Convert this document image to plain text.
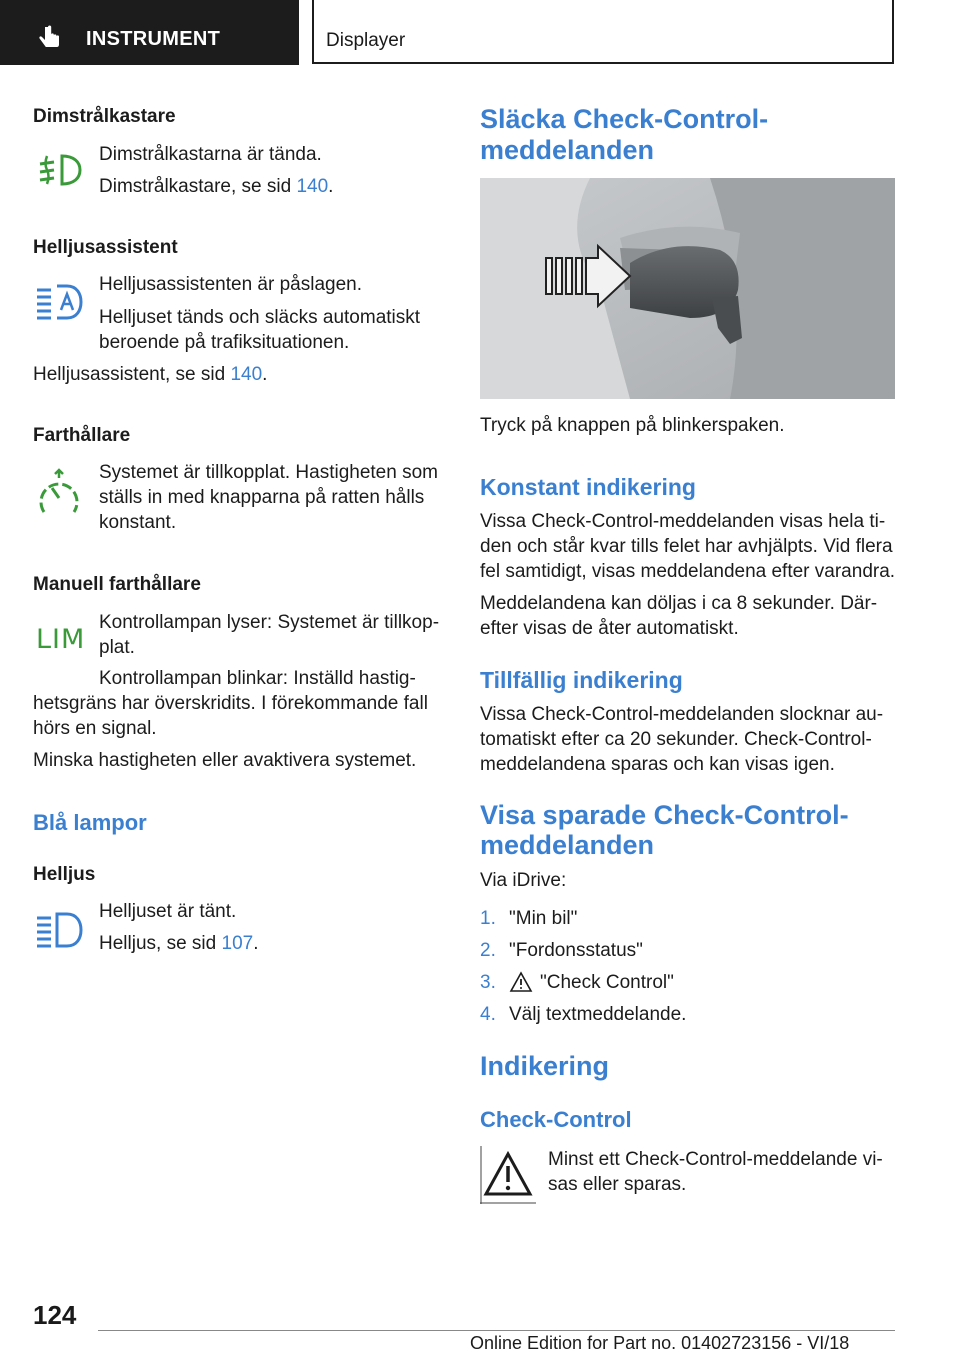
INSTRUMENT	Displayer
Dimstrålkastare
Dimstrålkastarna är tända.
Dimstrålkastare, se sid 140.
Helljusassistent
Helljusassistenten är påslagen.
Helljuset tänds och släcks automatiskt
beroende på trafiksituationen.
Helljusassistent, se sid 140.
Farthållare
Systemet är tillkopplat. Hastigheten som
ställs in med knapparna på ratten hålls
konstant.
Manuell farthållare
LIM
Kontrollampan lyser: Systemet är tillkop-
plat.
Kontrollampan blinkar: Inställd hastig-
hetsgräns har överskridits. I förekommande fall
hörs en signal.
Minska hastigheten eller avaktivera systemet.
Blå lampor
Helljus
Helljuset är tänt.
Helljus, se sid 107.
Släcka Check-Control-
meddelanden
Tryck på knappen på blinkerspaken.
Konstant indikering
Vissa Check-Control-meddelanden visas hela ti-
den och står kvar tills felet har avhjälpts. Vid flera
fel samtidigt, visas meddelandena efter varandra.
Meddelandena kan döljas i ca 8 sekunder. Där-
efter visas de åter automatiskt.
Tillfällig indikering
Vissa Check-Control-meddelanden slocknar au-
tomatiskt efter ca 20 sekunder. Check-Control-
meddelandena sparas och kan visas igen.
Visa sparade Check-Control-
meddelanden
Via iDrive:
1. "Min bil"
2. "Fordonsstatus"
3. "Check Control"
4. Välj textmeddelande.
Indikering
Check-Control
Minst ett Check-Control-meddelande vi-
sas eller sparas.
124
Online Edition for Part no. 01402723156 - VI/18
